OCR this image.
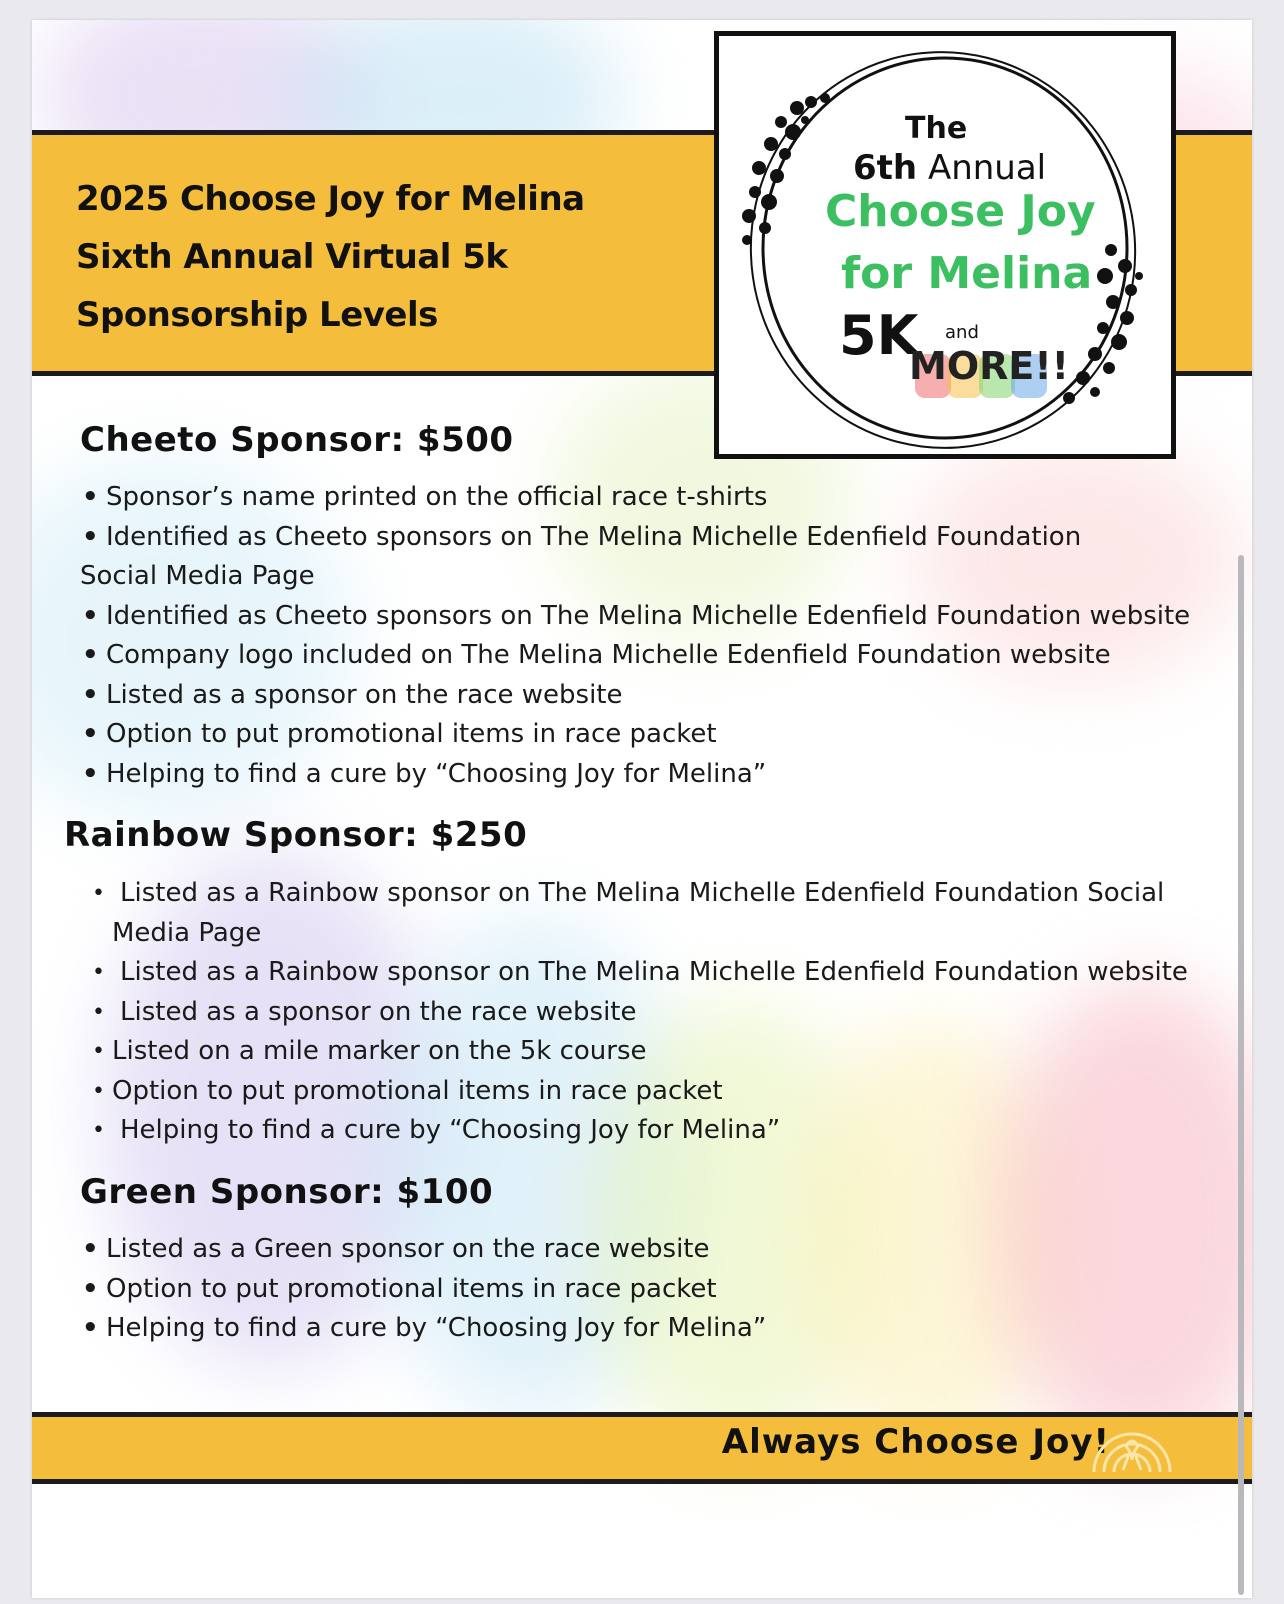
2025 Choose Joy for Melina
Sixth Annual Virtual 5k
Sponsorship Levels
The
6th Annual
Choose Joy
for Melina
5K and
MORE!!
Cheeto Sponsor: $500
• Sponsor’s name printed on the official race t-shirts
• Identified as Cheeto sponsors on The Melina Michelle Edenfield Foundation
Social Media Page
• Identified as Cheeto sponsors on The Melina Michelle Edenfield Foundation website
• Company logo included on The Melina Michelle Edenfield Foundation website
• Listed as a sponsor on the race website
• Option to put promotional items in race packet
• Helping to find a cure by “Choosing Joy for Melina”
Rainbow Sponsor: $250
• Listed as a Rainbow sponsor on The Melina Michelle Edenfield Foundation Social
Media Page
• Listed as a Rainbow sponsor on The Melina Michelle Edenfield Foundation website
• Listed as a sponsor on the race website
• Listed on a mile marker on the 5k course
• Option to put promotional items in race packet
• Helping to find a cure by “Choosing Joy for Melina”
Green Sponsor: $100
• Listed as a Green sponsor on the race website
• Option to put promotional items in race packet
• Helping to find a cure by “Choosing Joy for Melina”

Always Choose Joy!
